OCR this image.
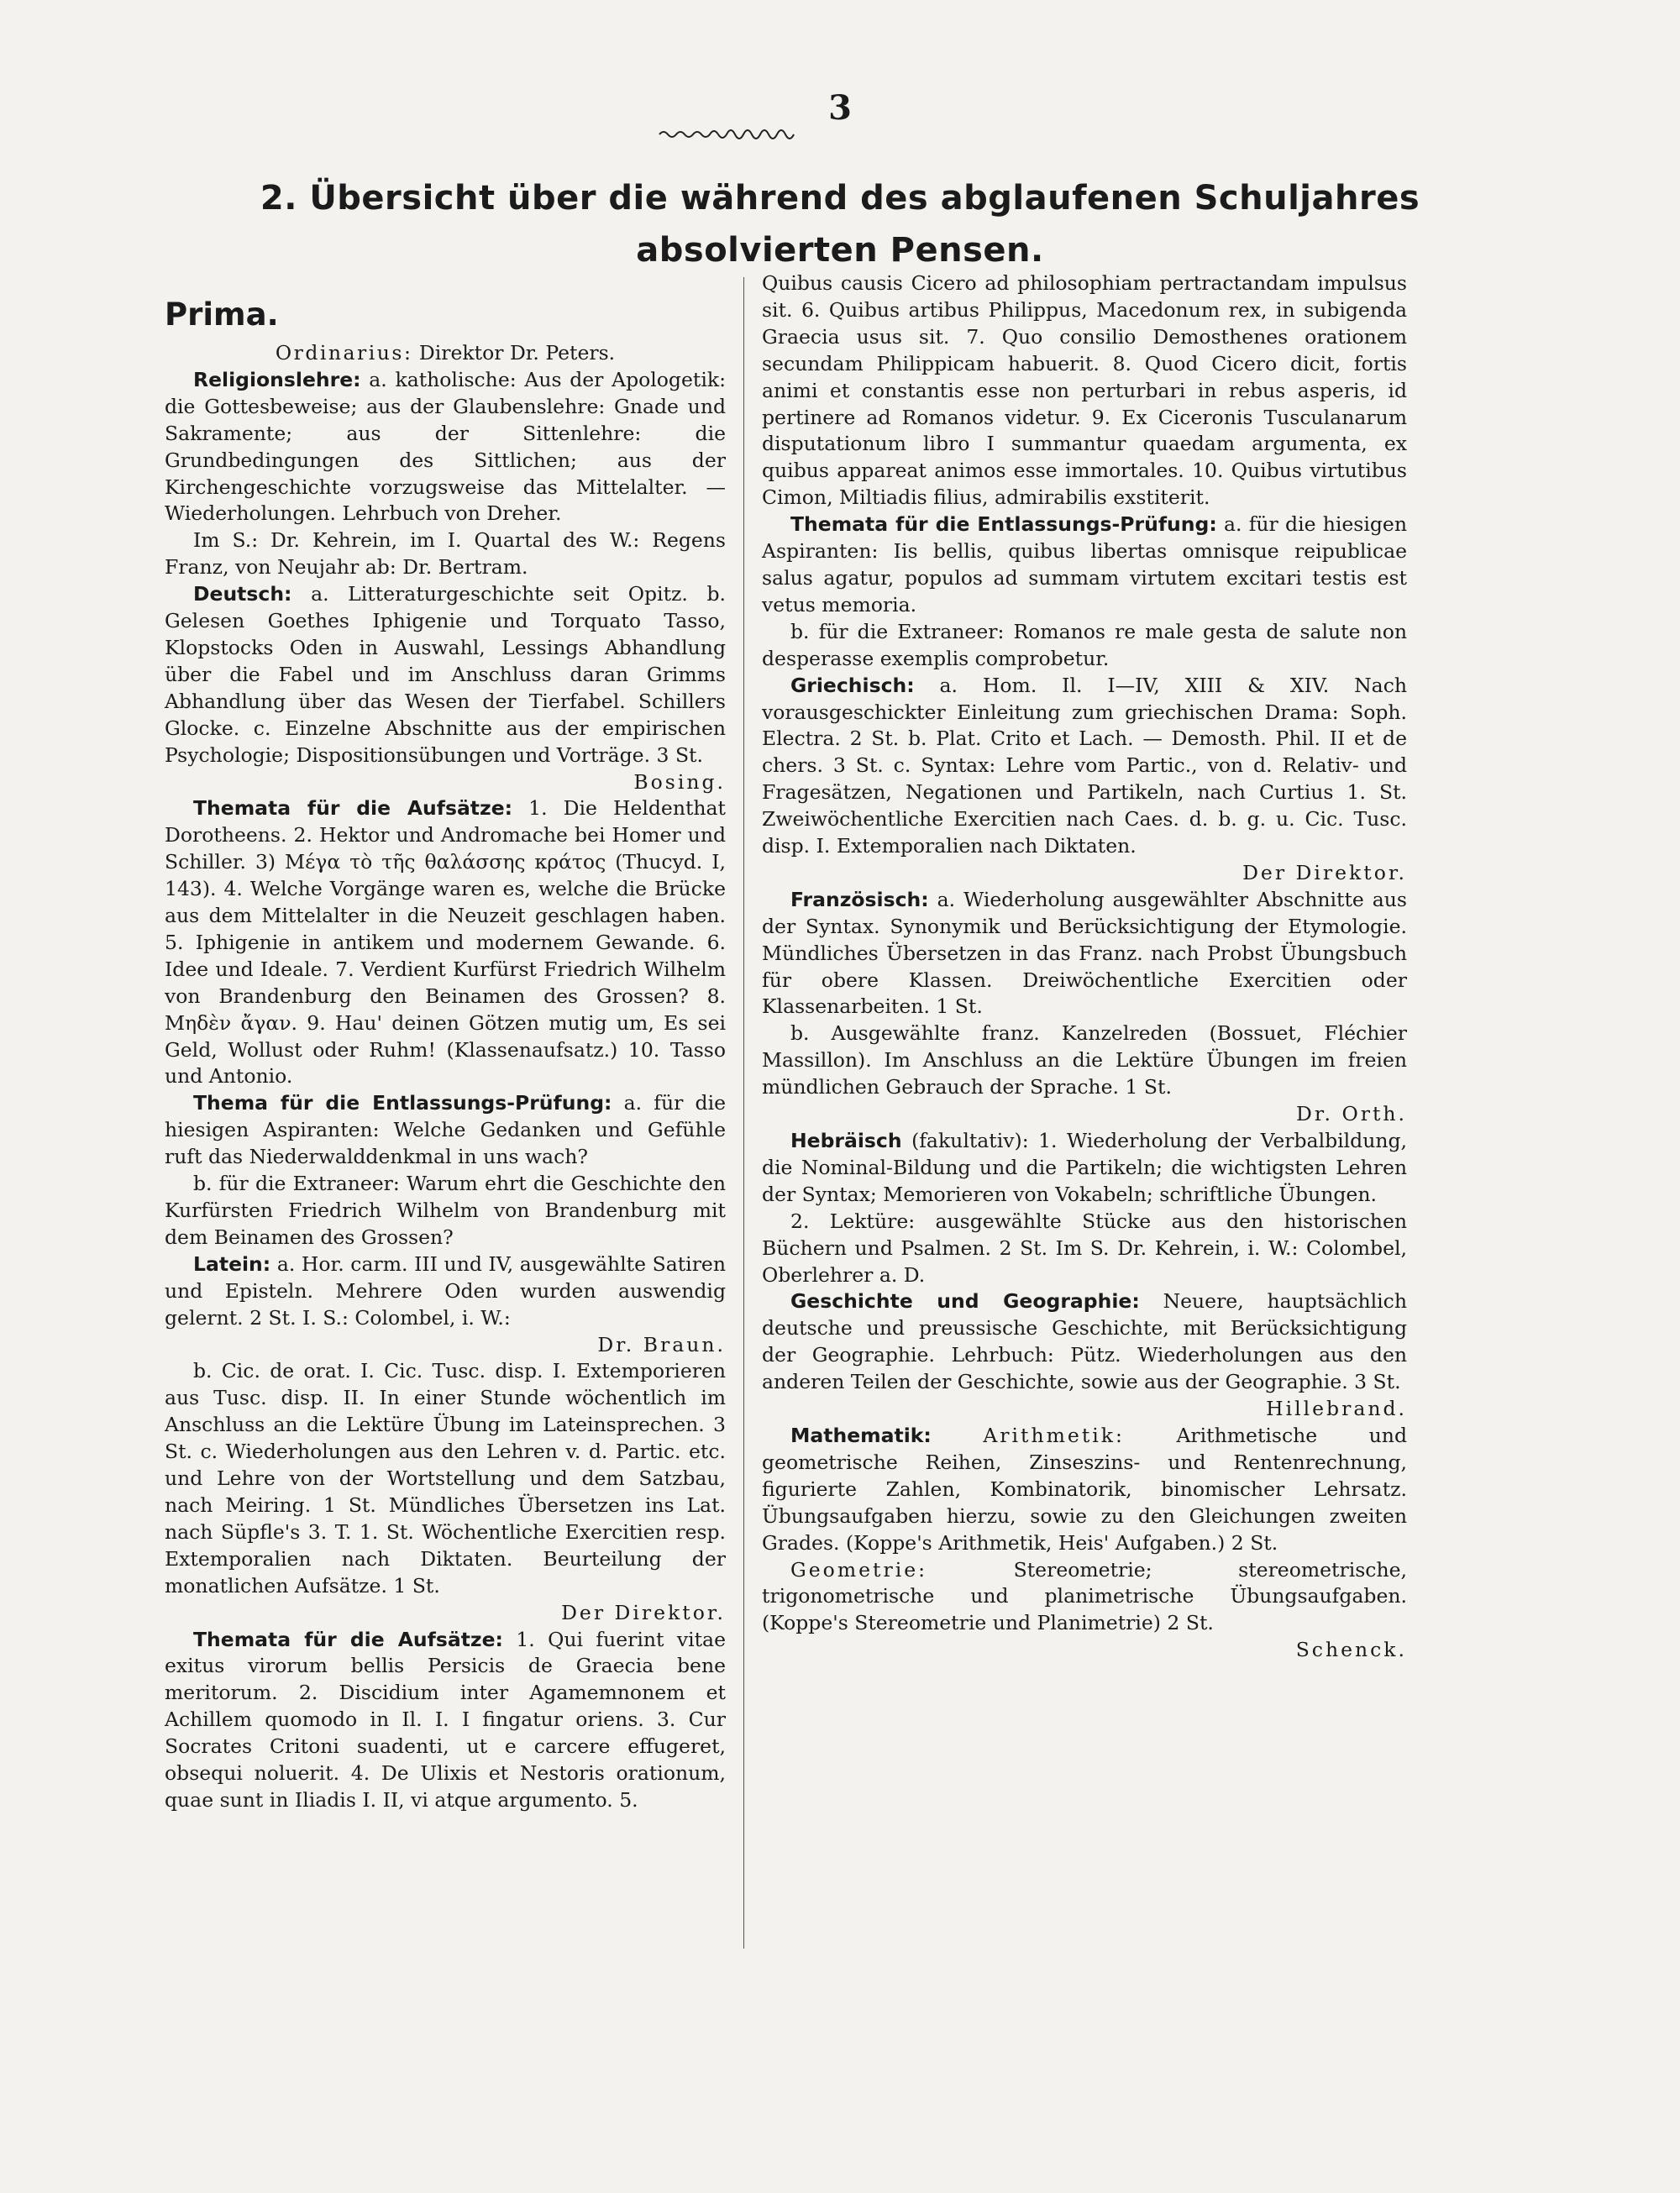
3
2. Übersicht über die während des abglaufenen Schuljahres
absolvierten Pensen.

Prima.

Ordinarius: Direktor Dr. Peters.

Religionslehre: a. katholische: Aus der Apologetik: die Gottesbeweise; aus der Glaubenslehre: Gnade und Sakramente; aus der Sittenlehre: die Grundbedingungen des Sittlichen; aus der Kirchengeschichte vorzugsweise das Mittelalter. — Wiederholungen. Lehrbuch von Dreher.

Im S.: Dr. Kehrein, im I. Quartal des W.: Regens Franz, von Neujahr ab: Dr. Bertram.

Deutsch: a. Litteraturgeschichte seit Opitz. b. Gelesen Goethes Iphigenie und Torquato Tasso, Klopstocks Oden in Auswahl, Lessings Abhandlung über die Fabel und im Anschluss daran Grimms Abhandlung über das Wesen der Tierfabel. Schillers Glocke. c. Einzelne Abschnitte aus der empirischen Psychologie; Dispositionsübungen und Vorträge. 3 St.

Bosing.

Themata für die Aufsätze: 1. Die Heldenthat Dorotheens. 2. Hektor und Andromache bei Homer und Schiller. 3) Μέγα τὸ τῆς θαλάσσης κράτος (Thucyd. I, 143). 4. Welche Vorgänge waren es, welche die Brücke aus dem Mittelalter in die Neuzeit geschlagen haben. 5. Iphigenie in antikem und modernem Gewande. 6. Idee und Ideale. 7. Verdient Kurfürst Friedrich Wilhelm von Brandenburg den Beinamen des Grossen? 8. Μηδὲν ἄγαν. 9. Hau' deinen Götzen mutig um, Es sei Geld, Wollust oder Ruhm! (Klassenaufsatz.) 10. Tasso und Antonio.

Thema für die Entlassungs-Prüfung: a. für die hiesigen Aspiranten: Welche Gedanken und Gefühle ruft das Niederwalddenkmal in uns wach?

b. für die Extraneer: Warum ehrt die Geschichte den Kurfürsten Friedrich Wilhelm von Brandenburg mit dem Beinamen des Grossen?

Latein: a. Hor. carm. III und IV, ausgewählte Satiren und Episteln. Mehrere Oden wurden auswendig gelernt. 2 St. I. S.: Colombel, i. W.:

Dr. Braun.

b. Cic. de orat. I. Cic. Tusc. disp. I. Extemporieren aus Tusc. disp. II. In einer Stunde wöchentlich im Anschluss an die Lektüre Übung im Lateinsprechen. 3 St. c. Wiederholungen aus den Lehren v. d. Partic. etc. und Lehre von der Wortstellung und dem Satzbau, nach Meiring. 1 St. Mündliches Übersetzen ins Lat. nach Süpfle's 3. T. 1. St. Wöchentliche Exercitien resp. Extemporalien nach Diktaten. Beurteilung der monatlichen Aufsätze. 1 St.

Der Direktor.

Themata für die Aufsätze: 1. Qui fuerint vitae exitus virorum bellis Persicis de Graecia bene meritorum. 2. Discidium inter Agamemnonem et Achillem quomodo in Il. I. I fingatur oriens. 3. Cur Socrates Critoni suadenti, ut e carcere effugeret, obsequi noluerit. 4. De Ulixis et Nestoris orationum, quae sunt in Iliadis I. II, vi atque argumento. 5.

Quibus causis Cicero ad philosophiam pertractandam impulsus sit. 6. Quibus artibus Philippus, Macedonum rex, in subigenda Graecia usus sit. 7. Quo consilio Demosthenes orationem secundam Philippicam habuerit. 8. Quod Cicero dicit, fortis animi et constantis esse non perturbari in rebus asperis, id pertinere ad Romanos videtur. 9. Ex Ciceronis Tusculanarum disputationum libro I summantur quaedam argumenta, ex quibus appareat animos esse immortales. 10. Quibus virtutibus Cimon, Miltiadis filius, admirabilis exstiterit.

Themata für die Entlassungs-Prüfung: a. für die hiesigen Aspiranten: Iis bellis, quibus libertas omnisque reipublicae salus agatur, populos ad summam virtutem excitari testis est vetus memoria.

b. für die Extraneer: Romanos re male gesta de salute non desperasse exemplis comprobetur.

Griechisch: a. Hom. Il. I—IV, XIII & XIV. Nach vorausgeschickter Einleitung zum griechischen Drama: Soph. Electra. 2 St. b. Plat. Crito et Lach. — Demosth. Phil. II et de chers. 3 St. c. Syntax: Lehre vom Partic., von d. Relativ- und Fragesätzen, Negationen und Partikeln, nach Curtius 1. St. Zweiwöchentliche Exercitien nach Caes. d. b. g. u. Cic. Tusc. disp. I. Extemporalien nach Diktaten.

Der Direktor.

Französisch: a. Wiederholung ausgewählter Abschnitte aus der Syntax. Synonymik und Berücksichtigung der Etymologie. Mündliches Übersetzen in das Franz. nach Probst Übungsbuch für obere Klassen. Dreiwöchentliche Exercitien oder Klassenarbeiten. 1 St.

b. Ausgewählte franz. Kanzelreden (Bossuet, Fléchier Massillon). Im Anschluss an die Lektüre Übungen im freien mündlichen Gebrauch der Sprache. 1 St.

Dr. Orth.

Hebräisch (fakultativ): 1. Wiederholung der Verbalbildung, die Nominal-Bildung und die Partikeln; die wichtigsten Lehren der Syntax; Memorieren von Vokabeln; schriftliche Übungen.

2. Lektüre: ausgewählte Stücke aus den historischen Büchern und Psalmen. 2 St. Im S. Dr. Kehrein, i. W.: Colombel, Oberlehrer a. D.

Geschichte und Geographie: Neuere, hauptsächlich deutsche und preussische Geschichte, mit Berücksichtigung der Geographie. Lehrbuch: Pütz. Wiederholungen aus den anderen Teilen der Geschichte, sowie aus der Geographie. 3 St.

Hillebrand.

Mathematik:	Arithmetik:	Arithmetische und geometrische Reihen, Zinseszins- und Rentenrechnung, figurierte Zahlen, Kombinatorik, binomischer Lehrsatz. Übungsaufgaben hierzu, sowie zu den Gleichungen zweiten Grades. (Koppe's Arithmetik, Heis' Aufgaben.) 2 St.

Geometrie:	Stereometrie; stereometrische, trigonometrische und planimetrische Übungsaufgaben. (Koppe's Stereometrie und Planimetrie) 2 St.

Schenck.
